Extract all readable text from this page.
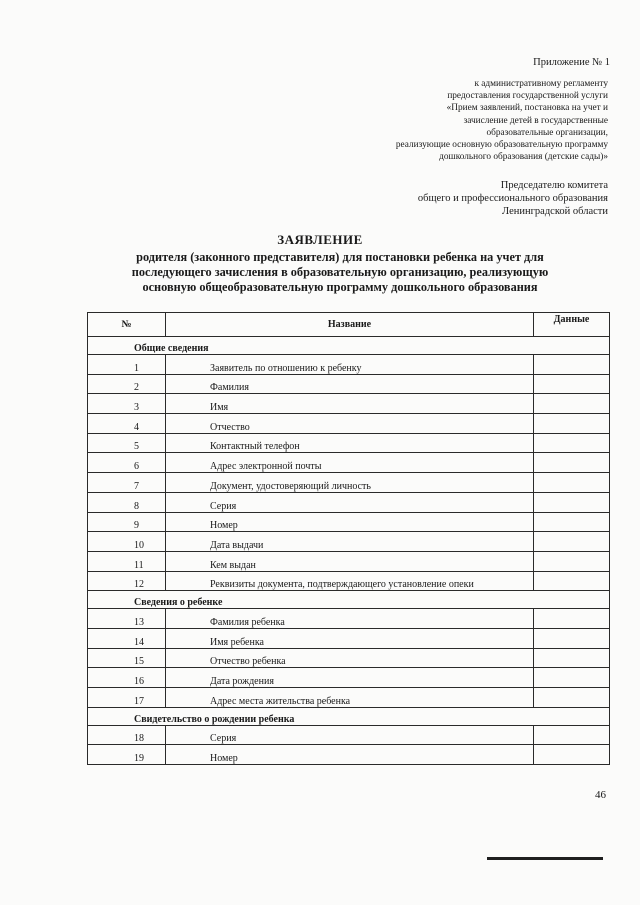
Приложение № 1
к административному регламенту
предоставления государственной услуги
«Прием заявлений, постановка на учет и
зачисление детей в государственные
образовательные организации,
реализующие основную образовательную программу
дошкольного образования (детские сады)»
Председателю комитета
общего и профессионального образования
Ленинградской области
ЗАЯВЛЕНИЕ
родителя (законного представителя) для постановки ребенка на учет для
последующего зачисления в образовательную организацию, реализующую
основную общеобразовательную программу дошкольного образования
№	Название	Данные
Общие сведения		
1	Заявитель по отношению к ребенку	
2	Фамилия	
3	Имя	
4	Отчество	
5	Контактный телефон	
6	Адрес электронной почты	
7	Документ, удостоверяющий личность	
8	Серия	
9	Номер	
10	Дата выдачи	
11	Кем выдан	
12	Реквизиты документа, подтверждающего установление опеки	
Сведения о ребенке		
13	Фамилия ребенка	
14	Имя ребенка	
15	Отчество ребенка	
16	Дата рождения	
17	Адрес места жительства ребенка	
Свидетельство о рождении ребенка		
18	Серия	
19	Номер	
46
